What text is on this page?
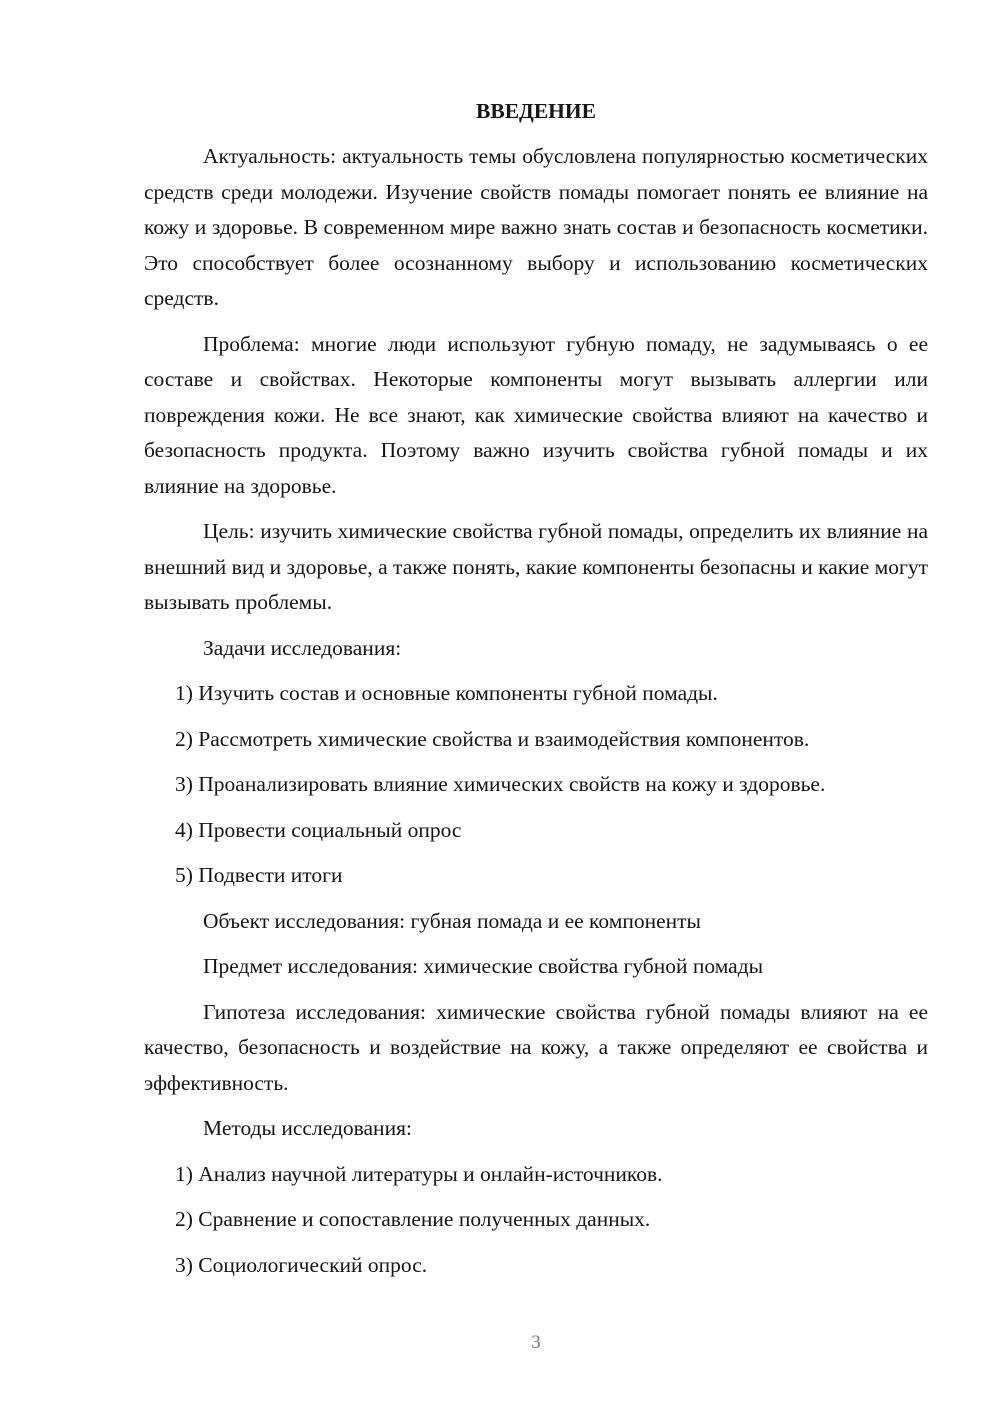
ВВЕДЕНИЕ

Актуальность: актуальность темы обусловлена популярностью косметических средств среди молодежи. Изучение свойств помады помогает понять ее влияние на кожу и здоровье. В современном мире важно знать состав и безопасность косметики. Это способствует более осознанному выбору и использованию косметических средств.

Проблема: многие люди используют губную помаду, не задумываясь о ее составе и свойствах. Некоторые компоненты могут вызывать аллергии или повреждения кожи. Не все знают, как химические свойства влияют на качество и безопасность продукта. Поэтому важно изучить свойства губной помады и их влияние на здоровье.

Цель: изучить химические свойства губной помады, определить их влияние на внешний вид и здоровье, а также понять, какие компоненты безопасны и какие могут вызывать проблемы.

Задачи исследования:
1) Изучить состав и основные компоненты губной помады.
2) Рассмотреть химические свойства и взаимодействия компонентов.
3) Проанализировать влияние химических свойств на кожу и здоровье.
4) Провести социальный опрос
5) Подвести итоги
Объект исследования: губная помада и ее компоненты
Предмет исследования: химические свойства губной помады

Гипотеза исследования: химические свойства губной помады влияют на ее качество, безопасность и воздействие на кожу, а также определяют ее свойства и эффективность.

Методы исследования:
1) Анализ научной литературы и онлайн-источников.
2) Сравнение и сопоставление полученных данных.
3) Социологический опрос.
3
